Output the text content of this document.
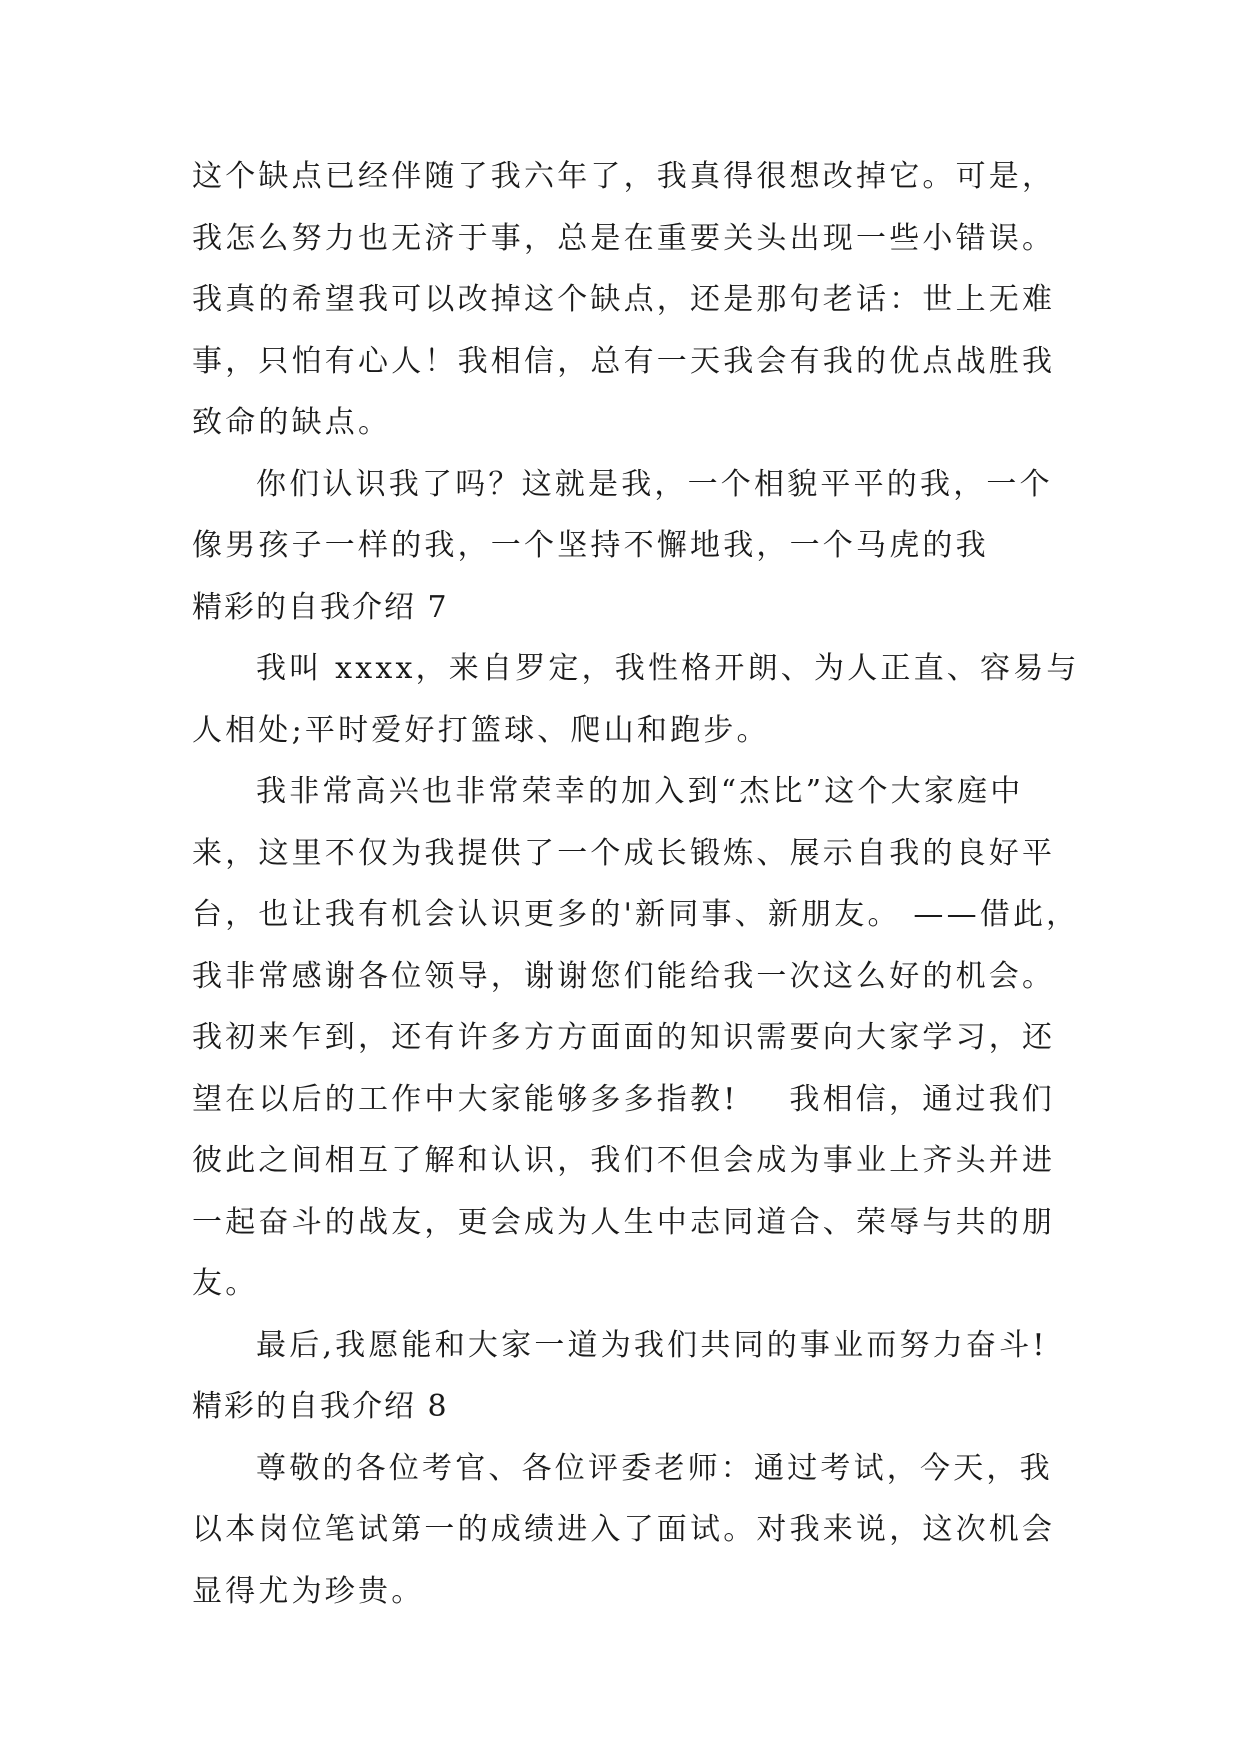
这个缺点已经伴随了我六年了，我真得很想改掉它。可是，
我怎么努力也无济于事，总是在重要关头出现一些小错误。
我真的希望我可以改掉这个缺点，还是那句老话：世上无难
事，只怕有心人！我相信，总有一天我会有我的优点战胜我
致命的缺点。
你们认识我了吗？这就是我，一个相貌平平的我，一个
像男孩子一样的我，一个坚持不懈地我，一个马虎的我
精彩的自我介绍 7
我叫 xxxx，来自罗定，我性格开朗、为人正直、容易与
人相处;平时爱好打篮球、爬山和跑步。
我非常高兴也非常荣幸的加入到“杰比”这个大家庭中
来，这里不仅为我提供了一个成长锻炼、展示自我的良好平
台，也让我有机会认识更多的'新同事、新朋友。 ——借此，
我非常感谢各位领导，谢谢您们能给我一次这么好的机会。
我初来乍到，还有许多方方面面的知识需要向大家学习，还
望在以后的工作中大家能够多多指教!    我相信，通过我们
彼此之间相互了解和认识，我们不但会成为事业上齐头并进
一起奋斗的战友，更会成为人生中志同道合、荣辱与共的朋
友。
最后,我愿能和大家一道为我们共同的事业而努力奋斗!
精彩的自我介绍 8
尊敬的各位考官、各位评委老师：通过考试，今天，我
以本岗位笔试第一的成绩进入了面试。对我来说，这次机会
显得尤为珍贵。
